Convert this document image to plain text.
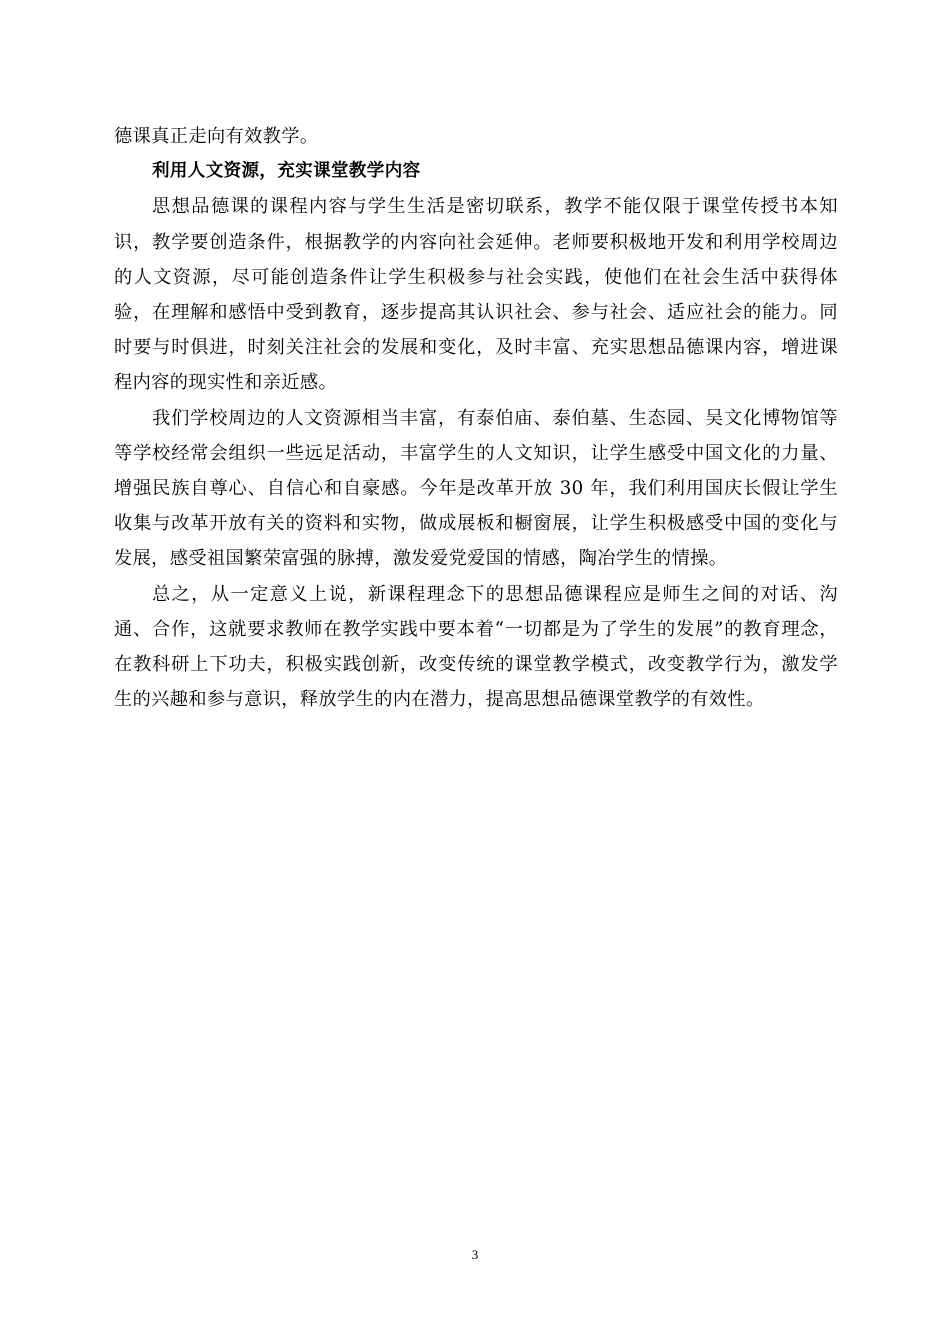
德课真正走向有效教学。

利用人文资源，充实课堂教学内容

思想品德课的课程内容与学生生活是密切联系，教学不能仅限于课堂传授书本知识，教学要创造条件，根据教学的内容向社会延伸。老师要积极地开发和利用学校周边的人文资源，尽可能创造条件让学生积极参与社会实践，使他们在社会生活中获得体验，在理解和感悟中受到教育，逐步提高其认识社会、参与社会、适应社会的能力。同时要与时俱进，时刻关注社会的发展和变化，及时丰富、充实思想品德课内容，增进课程内容的现实性和亲近感。

我们学校周边的人文资源相当丰富，有泰伯庙、泰伯墓、生态园、吴文化博物馆等等学校经常会组织一些远足活动，丰富学生的人文知识，让学生感受中国文化的力量、增强民族自尊心、自信心和自豪感。今年是改革开放 30 年，我们利用国庆长假让学生收集与改革开放有关的资料和实物，做成展板和橱窗展，让学生积极感受中国的变化与发展，感受祖国繁荣富强的脉搏，激发爱党爱国的情感，陶冶学生的情操。

总之，从一定意义上说，新课程理念下的思想品德课程应是师生之间的对话、沟通、合作，这就要求教师在教学实践中要本着“一切都是为了学生的发展”的教育理念，在教科研上下功夫，积极实践创新，改变传统的课堂教学模式，改变教学行为，激发学生的兴趣和参与意识，释放学生的内在潜力，提高思想品德课堂教学的有效性。

3
